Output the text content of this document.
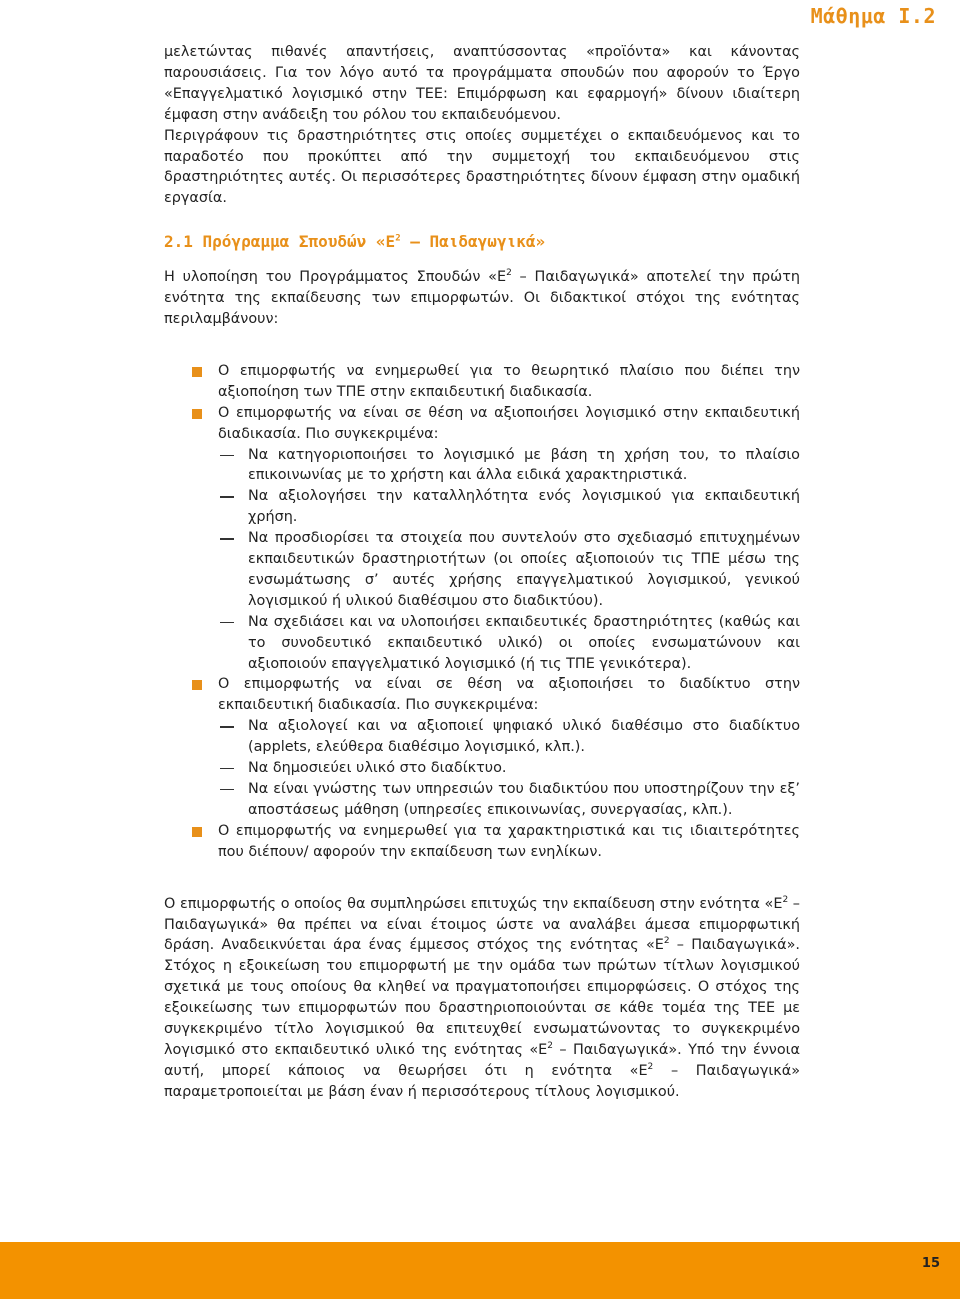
Μάθημα Ι.2

μελετώντας πιθανές απαντήσεις, αναπτύσσοντας «προϊόντα» και κάνοντας παρουσιάσεις. Για τον λόγο αυτό τα προγράμματα σπουδών που αφορούν το Έργο «Επαγγελματικό λογισμικό στην ΤΕΕ: Επιμόρφωση και εφαρμογή» δίνουν ιδιαίτερη έμφαση στην ανάδειξη του ρόλου του εκπαιδευόμενου.

Περιγράφουν τις δραστηριότητες στις οποίες συμμετέχει ο εκπαιδευόμενος και το παραδοτέο που προκύπτει από την συμμετοχή του εκπαιδευόμενου στις δραστηριότητες αυτές. Οι περισσότερες δραστηριότητες δίνουν έμφαση στην ομαδική εργασία.

2.1 Πρόγραμμα Σπουδών «$E^2$ – Παιδαγωγικά»

Η υλοποίηση του Προγράμματος Σπουδών «$E^2$ – Παιδαγωγικά» αποτελεί την πρώτη ενότητα της εκπαίδευσης των επιμορφωτών. Οι διδακτικοί στόχοι της ενότητας περιλαμβάνουν:

Ο επιμορφωτής να ενημερωθεί για το θεωρητικό πλαίσιο που διέπει την αξιοποίηση των ΤΠΕ στην εκπαιδευτική διαδικασία.

Ο επιμορφωτής να είναι σε θέση να αξιοποιήσει λογισμικό στην εκπαιδευτική διαδικασία. Πιο συγκεκριμένα:

Να κατηγοριοποιήσει το λογισμικό με βάση τη χρήση του, το πλαίσιο επικοινωνίας με το χρήστη και άλλα ειδικά χαρακτηριστικά.

Να αξιολογήσει την καταλληλότητα ενός λογισμικού για εκπαιδευτική χρήση.

Να προσδιορίσει τα στοιχεία που συντελούν στο σχεδιασμό επιτυχημένων εκπαιδευτικών δραστηριοτήτων (οι οποίες αξιοποιούν τις ΤΠΕ μέσω της ενσωμάτωσης σ’ αυτές χρήσης επαγγελματικού λογισμικού, γενικού λογισμικού ή υλικού διαθέσιμου στο διαδικτύου).

Να σχεδιάσει και να υλοποιήσει εκπαιδευτικές δραστηριότητες (καθώς και το συνοδευτικό εκπαιδευτικό υλικό) οι οποίες ενσωματώνουν και αξιοποιούν επαγγελματικό λογισμικό (ή τις ΤΠΕ γενικότερα).

Ο επιμορφωτής να είναι σε θέση να αξιοποιήσει το διαδίκτυο στην εκπαιδευτική διαδικασία. Πιο συγκεκριμένα:

Να αξιολογεί και να αξιοποιεί ψηφιακό υλικό διαθέσιμο στο διαδίκτυο (applets, ελεύθερα διαθέσιμο λογισμικό, κλπ.).

Να δημοσιεύει υλικό στο διαδίκτυο.

Να είναι γνώστης των υπηρεσιών του διαδικτύου που υποστηρίζουν την εξ’ αποστάσεως μάθηση (υπηρεσίες επικοινωνίας, συνεργασίας, κλπ.).

Ο επιμορφωτής να ενημερωθεί για τα χαρακτηριστικά και τις ιδιαιτερότητες που διέπουν/ αφορούν την εκπαίδευση των ενηλίκων.

Ο επιμορφωτής ο οποίος θα συμπληρώσει επιτυχώς την εκπαίδευση στην ενότητα «$E^2$ – Παιδαγωγικά» θα πρέπει να είναι έτοιμος ώστε να αναλάβει άμεσα επιμορφωτική δράση. Αναδεικνύεται άρα ένας έμμεσος στόχος της ενότητας «$E^2$ – Παιδαγωγικά». Στόχος η εξοικείωση του επιμορφωτή με την ομάδα των πρώτων τίτλων λογισμικού σχετικά με τους οποίους θα κληθεί να πραγματοποιήσει επιμορφώσεις. Ο στόχος της εξοικείωσης των επιμορφωτών που δραστηριοποιούνται σε κάθε τομέα της ΤΕΕ με συγκεκριμένο τίτλο λογισμικού θα επιτευχθεί ενσωματώνοντας το συγκεκριμένο λογισμικό στο εκπαιδευτικό υλικό της ενότητας «$E^2$ – Παιδαγωγικά». Υπό την έννοια αυτή, μπορεί κάποιος να θεωρήσει ότι η ενότητα «$E^2$ – Παιδαγωγικά» παραμετροποιείται με βάση έναν ή περισσότερους τίτλους λογισμικού.

15
